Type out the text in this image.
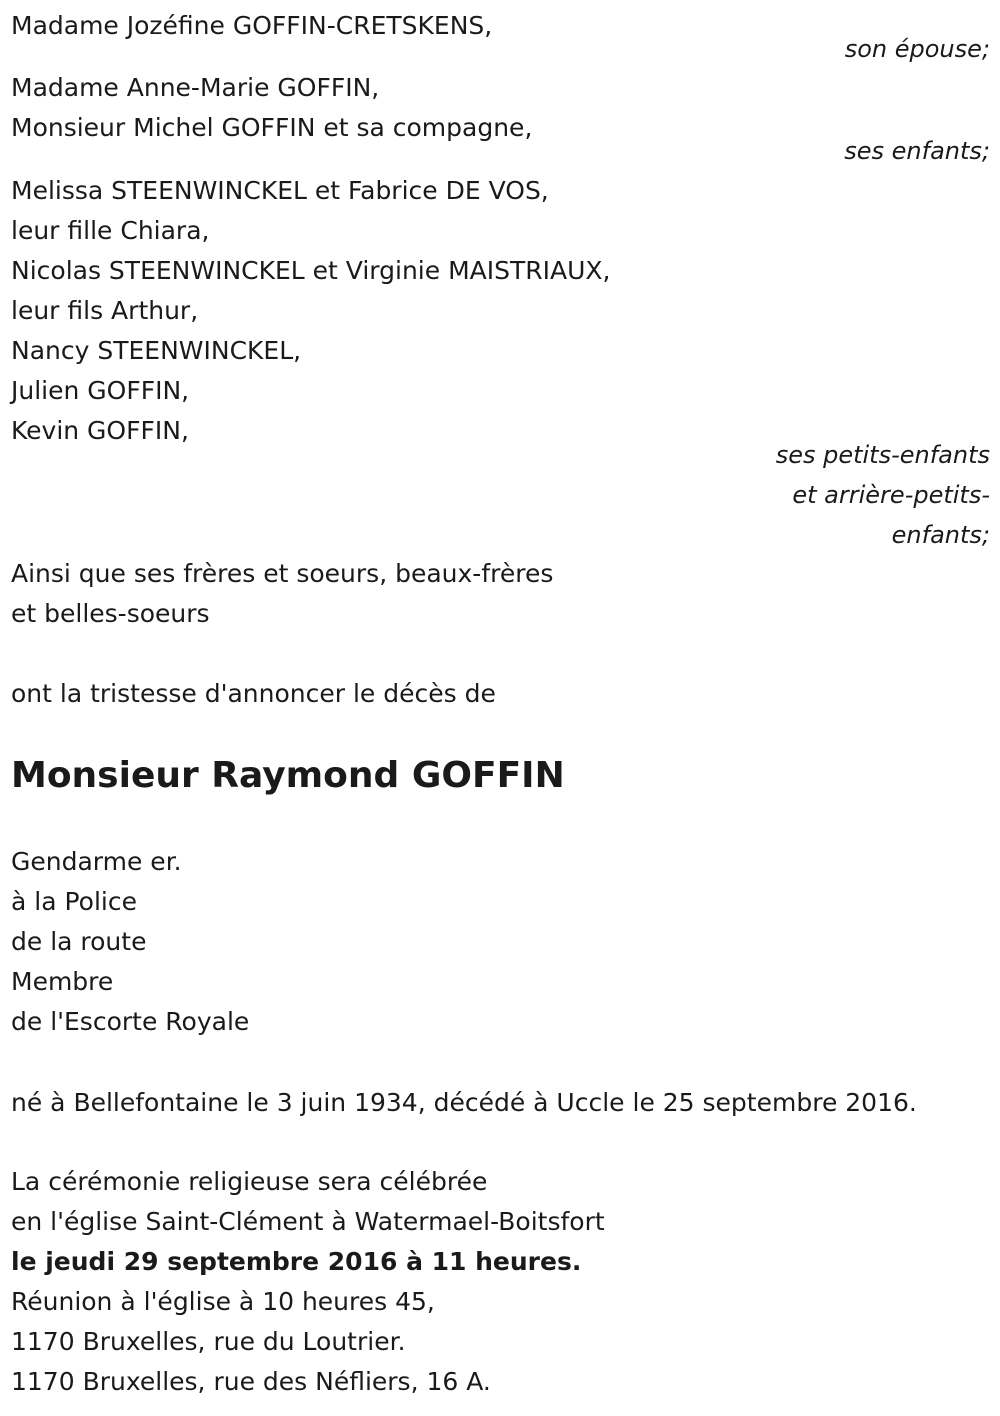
Madame Jozéfine GOFFIN-CRETSKENS,
son épouse;
Madame Anne-Marie GOFFIN,
Monsieur Michel GOFFIN et sa compagne,
ses enfants;
Melissa STEENWINCKEL et Fabrice DE VOS,
leur fille Chiara,
Nicolas STEENWINCKEL et Virginie MAISTRIAUX,
leur fils Arthur,
Nancy STEENWINCKEL,
Julien GOFFIN,
Kevin GOFFIN,
ses petits-enfants
et arrière-petits-
enfants;
Ainsi que ses frères et soeurs, beaux-frères
et belles-soeurs
ont la tristesse d'annoncer le décès de
Monsieur Raymond GOFFIN
Gendarme er.
à la Police
de la route
Membre
de l'Escorte Royale
né à Bellefontaine le 3 juin 1934, décédé à Uccle le 25 septembre 2016.
La cérémonie religieuse sera célébrée
en l'église Saint-Clément à Watermael-Boitsfort
le jeudi 29 septembre 2016 à 11 heures.
Réunion à l'église à 10 heures 45,
1170 Bruxelles, rue du Loutrier.
1170 Bruxelles, rue des Néfliers, 16 A.
